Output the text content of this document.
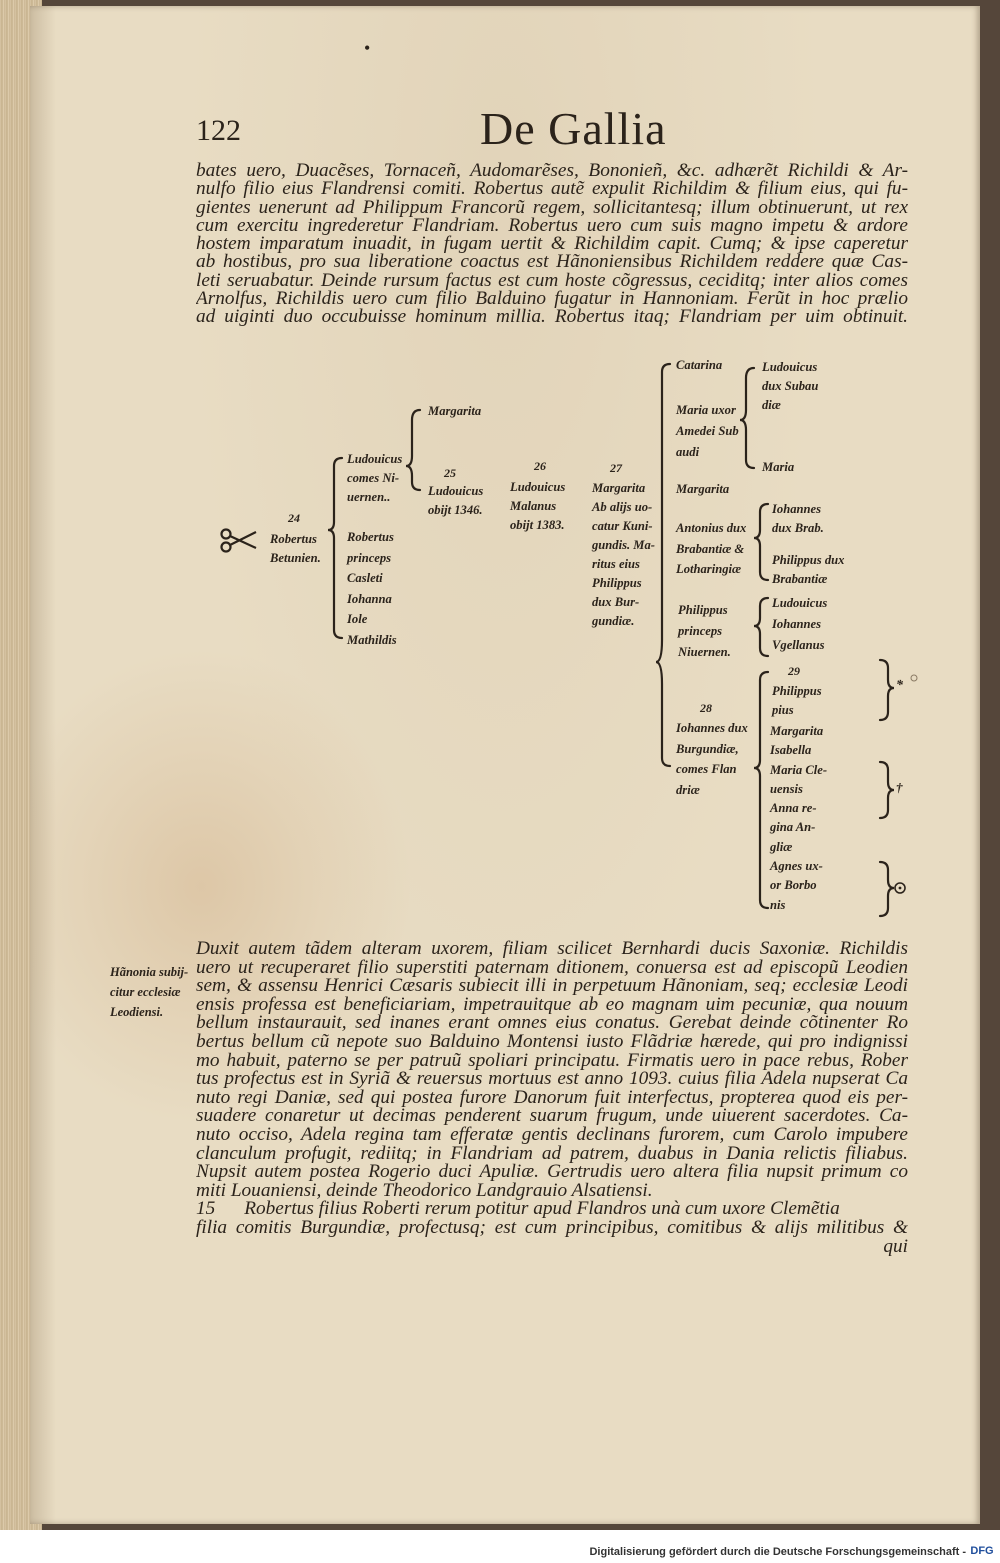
•
122	De Gallia
bates uero, Duacẽses, Tornaceñ, Audomarẽses, Bononieñ, &c. adhærẽt Richildi & Ar-
nulfo filio eius Flandrensi comiti. Robertus autẽ expulit Richildim & filium eius, qui fu-
gientes uenerunt ad Philippum Francorũ regem, sollicitantesq; illum obtinuerunt, ut rex
cum exercitu ingrederetur Flandriam. Robertus uero cum suis magno impetu & ardore
hostem imparatum inuadit, in fugam uertit & Richildim capit. Cumq; & ipse caperetur
ab hostibus, pro sua liberatione coactus est Hãnoniensibus Richildem reddere quæ Cas-
leti seruabatur. Deinde rursum factus est cum hoste cõgressus, ceciditq; inter alios comes
Arnolfus, Richildis uero cum filio Balduino fugatur in Hannoniam. Ferũt in hoc prælio
ad uiginti duo occubuisse hominum millia. Robertus itaq; Flandriam per uim obtinuit.
24
25	26	27
28
29
Robertus
Betunien.
Ludouicus
comes Ni-
uernen..
Robertus
princeps
Casleti
Iohanna
Iole
Mathildis
Margarita
Ludouicus
obijt 1346.
Ludouicus
Malanus
obijt 1383.
Margarita
Ab alijs uo-
catur Kuni-
gundis. Ma-
ritus eius
Philippus
dux Bur-
gundiæ.
Catarina
Maria uxor
Amedei Sub
audi
Margarita
Antonius dux
Brabantiæ &
Lotharingiæ
Philippus
princeps
Niuernen.
Iohannes dux
Burgundiæ,
comes Flan
driæ
Ludouicus
dux Subau
diæ
Maria
Iohannes
dux Brab.
Philippus dux
Brabantiæ
Ludouicus
Iohannes
Vgellanus
Philippus
pius
Margarita
Isabella
Maria Cle-
uensis
Anna re-
gina An-
gliæ
Agnes ux-
or Borbo
nis
*
†
Hãnonia subij-
citur ecclesiæ
Leodiensi.
Duxit autem tãdem alteram uxorem, filiam scilicet Bernhardi ducis Saxoniæ. Richildis
uero ut recuperaret filio superstiti paternam ditionem, conuersa est ad episcopũ Leodien
sem, & assensu Henrici Cæsaris subiecit illi in perpetuum Hãnoniam, seq; ecclesiæ Leodi
ensis professa est beneficiariam, impetrauitque ab eo magnam uim pecuniæ, qua nouum
bellum instaurauit, sed inanes erant omnes eius conatus. Gerebat deinde cõtinenter Ro
bertus bellum cũ nepote suo Balduino Montensi iusto Flãdriæ hærede, qui pro indignissi
mo habuit, paterno se per patruũ spoliari principatu. Firmatis uero in pace rebus, Rober
tus profectus est in Syriã & reuersus mortuus est anno 1093. cuius filia Adela nupserat Ca
nuto regi Daniæ, sed qui postea furore Danorum fuit interfectus, propterea quod eis per-
suadere conaretur ut decimas penderent suarum frugum, unde uiuerent sacerdotes. Ca-
nuto occiso, Adela regina tam efferatæ gentis declinans furorem, cum Carolo impubere
clanculum profugit, rediitq; in Flandriam ad patrem, duabus in Dania relictis filiabus.
Nupsit autem postea Rogerio duci Apuliæ. Gertrudis uero altera filia nupsit primum co
miti Louaniensi, deinde Theodorico Landgrauio Alsatiensi.
15      Robertus filius Roberti rerum potitur apud Flandros unà cum uxore Clemẽtia
filia comitis Burgundiæ, profectusq; est cum principibus, comitibus & alijs militibus &
qui
Digitalisierung gefördert durch die Deutsche Forschungsgemeinschaft - DFG
